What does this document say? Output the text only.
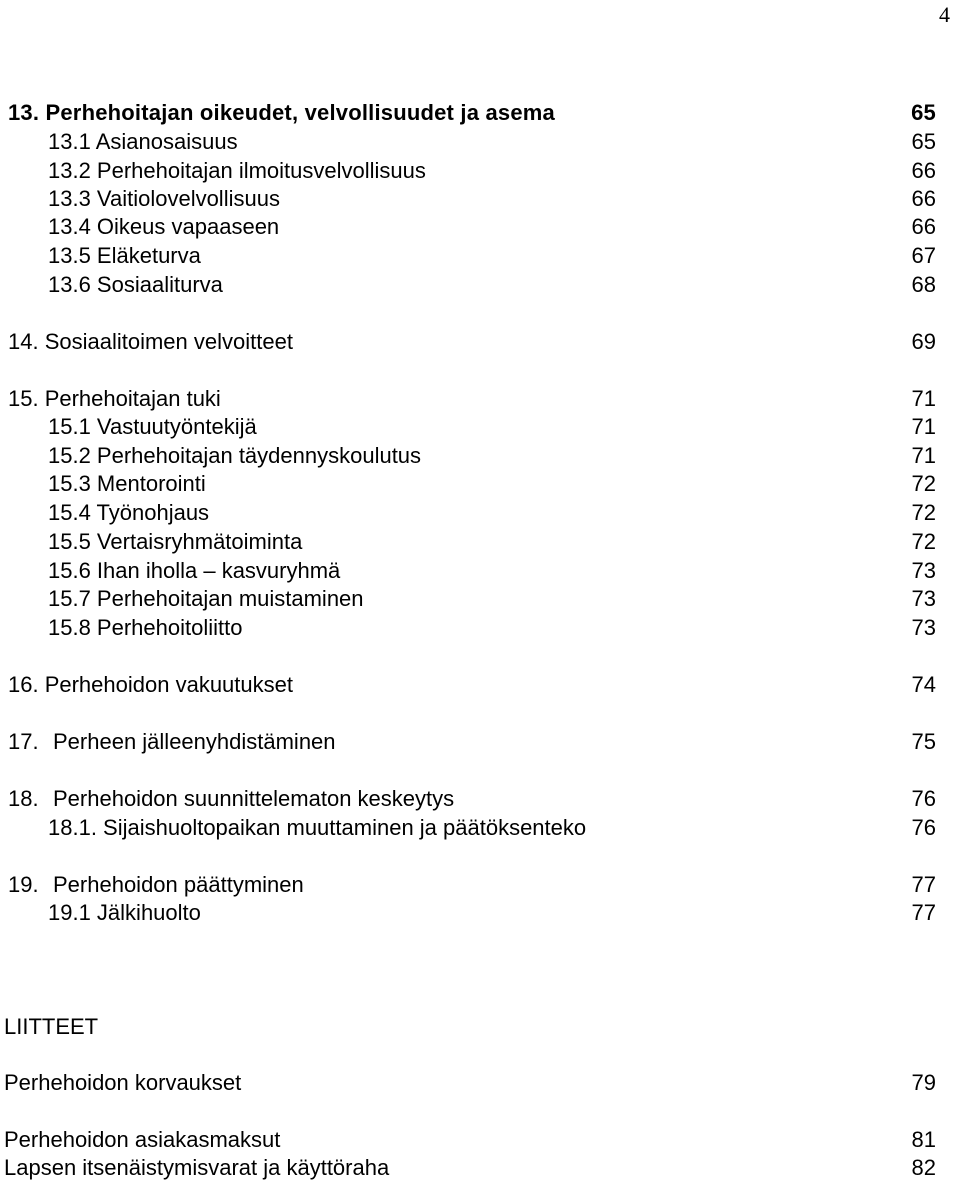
4
13. Perhehoitajan oikeudet, velvollisuudet ja asema	65
13.1 Asianosaisuus	65
13.2 Perhehoitajan ilmoitusvelvollisuus	66
13.3 Vaitiolovelvollisuus	66
13.4 Oikeus vapaaseen	66
13.5 Eläketurva	67
13.6 Sosiaaliturva	68
14. Sosiaalitoimen velvoitteet	69
15. Perhehoitajan tuki	71
15.1 Vastuutyöntekijä	71
15.2 Perhehoitajan täydennyskoulutus	71
15.3 Mentorointi	72
15.4 Työnohjaus	72
15.5 Vertaisryhmätoiminta	72
15.6 Ihan iholla – kasvuryhmä	73
15.7 Perhehoitajan muistaminen	73
15.8 Perhehoitoliitto	73
16. Perhehoidon vakuutukset	74
17. Perheen jälleenyhdistäminen	75
18. Perhehoidon suunnittelematon keskeytys	76
18.1. Sijaishuoltopaikan muuttaminen ja päätöksenteko	76
19. Perhehoidon päättyminen	77
19.1 Jälkihuolto	77
LIITTEET
Perhehoidon korvaukset	79
Perhehoidon asiakasmaksut	81
Lapsen itsenäistymisvarat ja käyttöraha	82
